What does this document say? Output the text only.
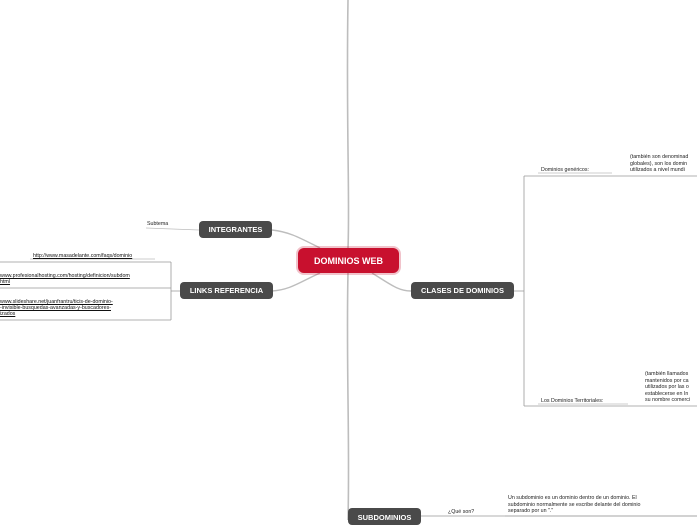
DOMINIOS WEB
INTEGRANTES
LINKS REFERENCIA	CLASES DE DOMINIOS
SUBDOMINIOS
Subtema
http://www.masadelante.com/faqs/dominio
www.profesionalhosting.com/hosting/definicion/subdom
html
www.slideshare.net/juanfrantru/ticis-de-dominio-
-invisible-busquedas-avanzadas-y-buscadores-
izados
Dominios genéricos:
(también son denominad
globales), son los domin
utilizados a nivel mundi
Los Dominios Territoriales:
(también llamados
mantenidos por ca
utilizados por las o
establecerse en In
su nombre comerci
¿Qué son?
Un subdominio es un dominio dentro de un dominio. El
subdominio normalmente se escribe delante del dominio
separado por un "."
